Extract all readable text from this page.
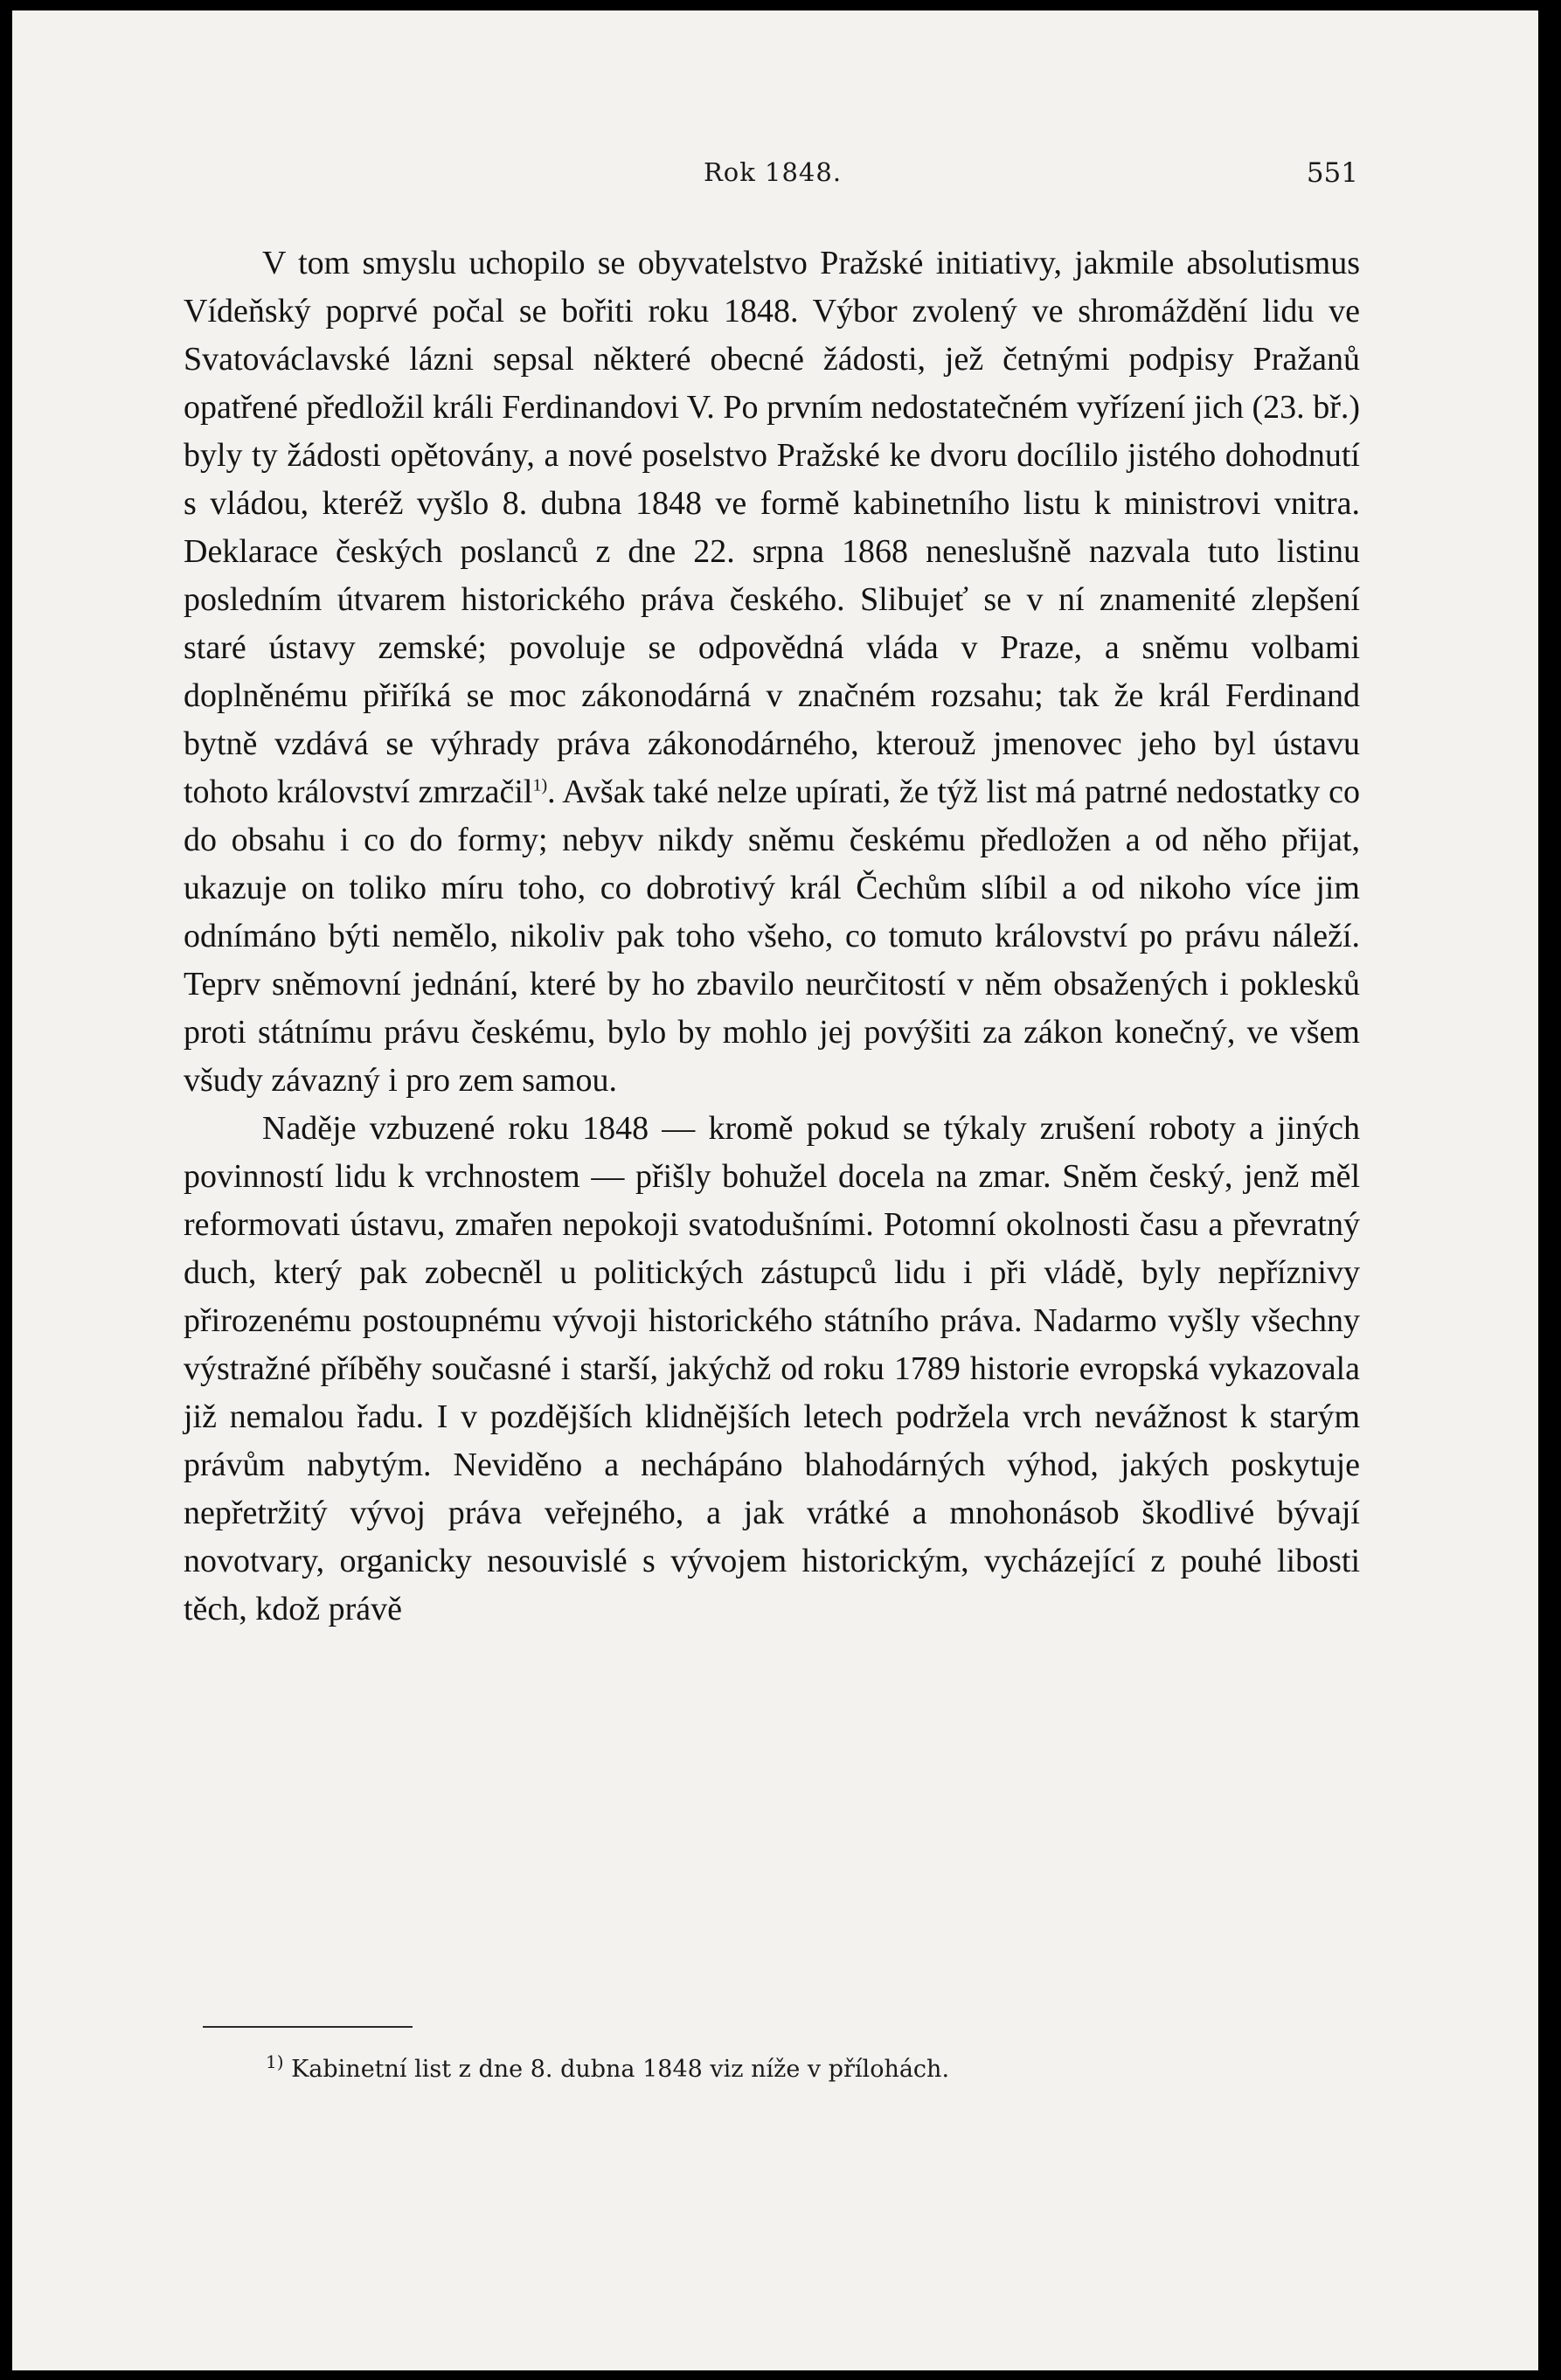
Rok 1848.	551

V tom smyslu uchopilo se obyvatelstvo Pražské initiativy, jakmile absolutismus Vídeňský poprvé počal se bořiti roku 1848. Výbor zvolený ve shromáždění lidu ve Svatováclavské lázni sepsal některé obecné žádosti, jež četnými podpisy Pražanů opatřené předložil králi Ferdinandovi V. Po prvním nedostatečném vyřízení jich (23. bř.) byly ty žádosti opětovány, a nové poselstvo Pražské ke dvoru docílilo jistého dohodnutí s vládou, kteréž vyšlo 8. dubna 1848 ve formě kabinetního listu k ministrovi vnitra. Deklarace českých poslanců z dne 22. srpna 1868 neneslušně nazvala tuto listinu posledním útvarem historického práva českého. Slibujeť se v ní znamenité zlepšení staré ústavy zemské; povoluje se odpovědná vláda v Praze, a sněmu volbami doplněnému přiříká se moc zákonodárná v značném rozsahu; tak že král Ferdinand bytně vzdává se výhrady práva zákonodárného, kterouž jmenovec jeho byl ústavu tohoto království zmrzačil$^{1)}$. Avšak také nelze upírati, že týž list má patrné nedostatky co do obsahu i co do formy; nebyv nikdy sněmu českému předložen a od něho přijat, ukazuje on toliko míru toho, co dobrotivý král Čechům slíbil a od nikoho více jim odnímáno býti nemělo, nikoliv pak toho všeho, co tomuto království po právu náleží. Teprv sněmovní jednání, které by ho zbavilo neurčitostí v něm obsažených i poklesků proti státnímu právu českému, bylo by mohlo jej povýšiti za zákon konečný, ve všem všudy závazný i pro zem samou.

Naděje vzbuzené roku 1848 — kromě pokud se týkaly zrušení roboty a jiných povinností lidu k vrchnostem — přišly bohužel docela na zmar. Sněm český, jenž měl reformovati ústavu, zmařen nepokoji svatodušními. Potomní okolnosti času a převratný duch, který pak zobecněl u politických zástupců lidu i při vládě, byly nepříznivy přirozenému postoupnému vývoji historického státního práva. Nadarmo vyšly všechny výstražné příběhy současné i starší, jakýchž od roku 1789 historie evropská vykazovala již nemalou řadu. I v pozdějších klidnějších letech podržela vrch nevážnost k starým právům nabytým. Neviděno a nechápáno blahodárných výhod, jakých poskytuje nepřetržitý vývoj práva veřejného, a jak vrátké a mnohonásob škodlivé bývají novotvary, organicky nesouvislé s vývojem historickým, vycházející z pouhé libosti těch, kdož právě

$^{1)}$ Kabinetní list z dne 8. dubna 1848 viz níže v přílohách.
